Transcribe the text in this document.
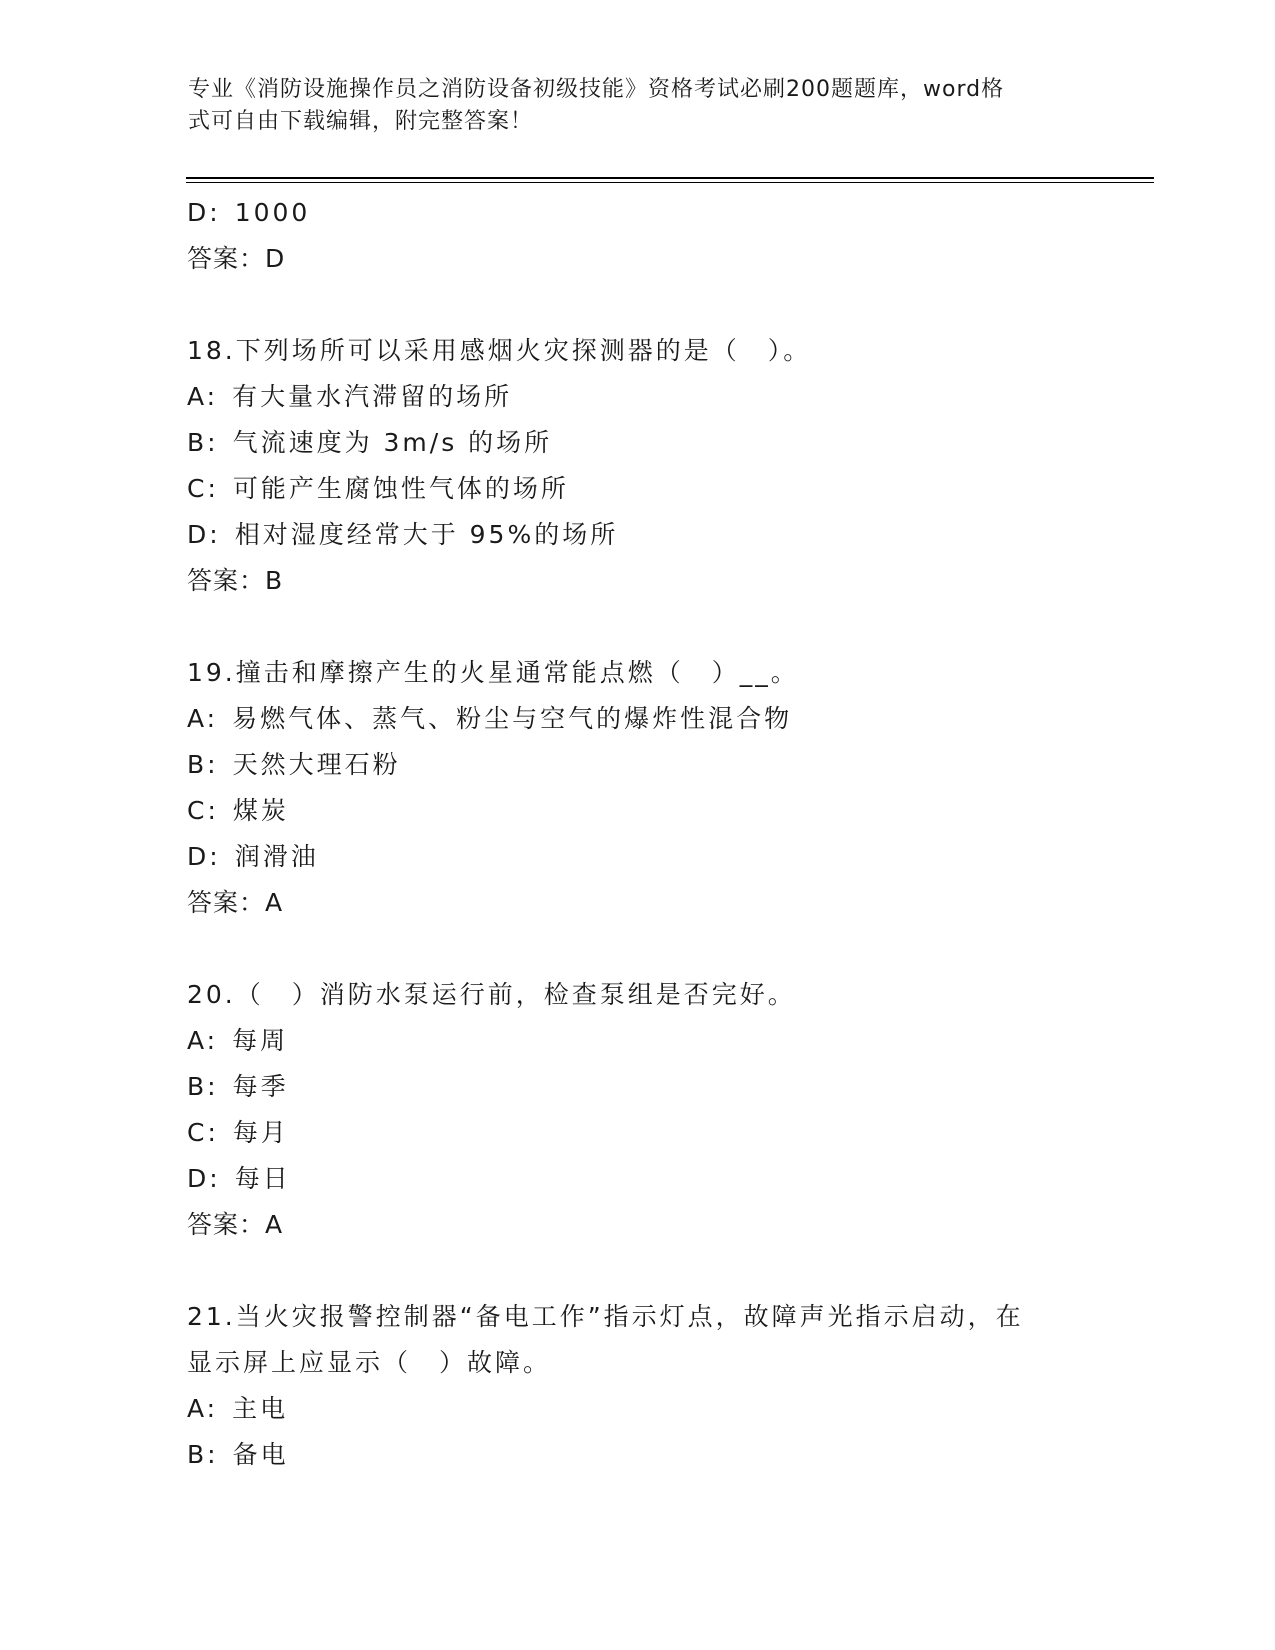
专业《消防设施操作员之消防设备初级技能》资格考试必刷200题题库，word格
式可自由下载编辑，附完整答案！
D: 1000
答案：D
18.下列场所可以采用感烟火灾探测器的是（　）。
A: 有大量水汽滞留的场所
B: 气流速度为 3m/s 的场所
C: 可能产生腐蚀性气体的场所
D: 相对湿度经常大于 95%的场所
答案：B
19.撞击和摩擦产生的火星通常能点燃（　）__。
A: 易燃气体、蒸气、粉尘与空气的爆炸性混合物
B: 天然大理石粉
C: 煤炭
D: 润滑油
答案：A
20.（　）消防水泵运行前，检查泵组是否完好。
A: 每周
B: 每季
C: 每月
D: 每日
答案：A
21.当火灾报警控制器“备电工作”指示灯点，故障声光指示启动，在
显示屏上应显示（　）故障。
A: 主电
B: 备电
